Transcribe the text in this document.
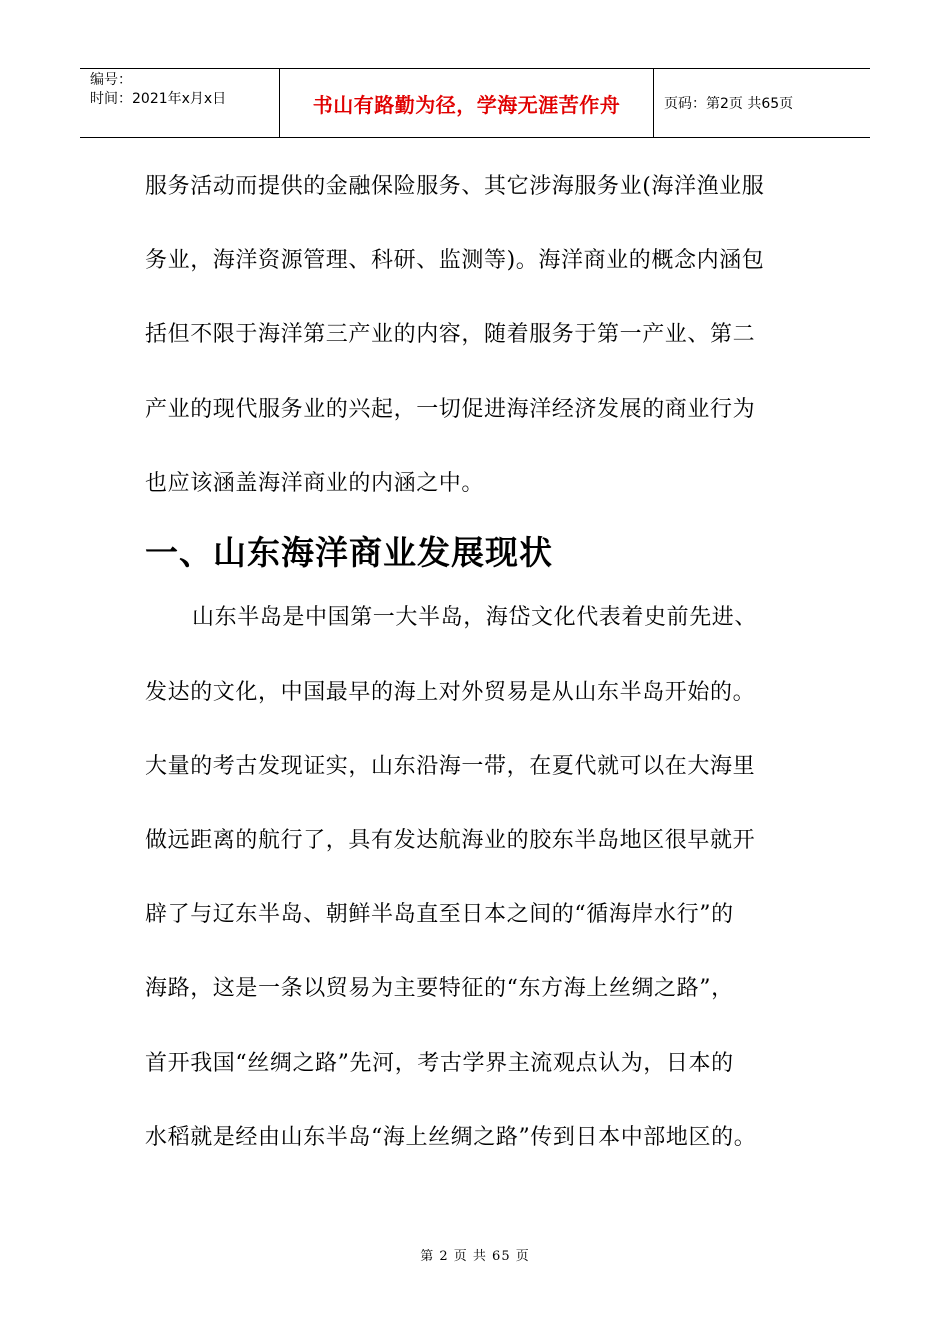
编号：
时间：2021年x月x日	书山有路勤为径，学海无涯苦作舟	页码：第2页 共65页
服务活动而提供的金融保险服务、其它涉海服务业(海洋渔业服
务业，海洋资源管理、科研、监测等)。海洋商业的概念内涵包
括但不限于海洋第三产业的内容，随着服务于第一产业、第二
产业的现代服务业的兴起，一切促进海洋经济发展的商业行为
也应该涵盖海洋商业的内涵之中。
一、山东海洋商业发展现状
山东半岛是中国第一大半岛，海岱文化代表着史前先进、
发达的文化，中国最早的海上对外贸易是从山东半岛开始的。
大量的考古发现证实，山东沿海一带，在夏代就可以在大海里
做远距离的航行了，具有发达航海业的胶东半岛地区很早就开
辟了与辽东半岛、朝鲜半岛直至日本之间的“循海岸水行”的
海路，这是一条以贸易为主要特征的“东方海上丝绸之路”，
首开我国“丝绸之路”先河，考古学界主流观点认为，日本的
水稻就是经由山东半岛“海上丝绸之路”传到日本中部地区的。
第 2 页 共 65 页
